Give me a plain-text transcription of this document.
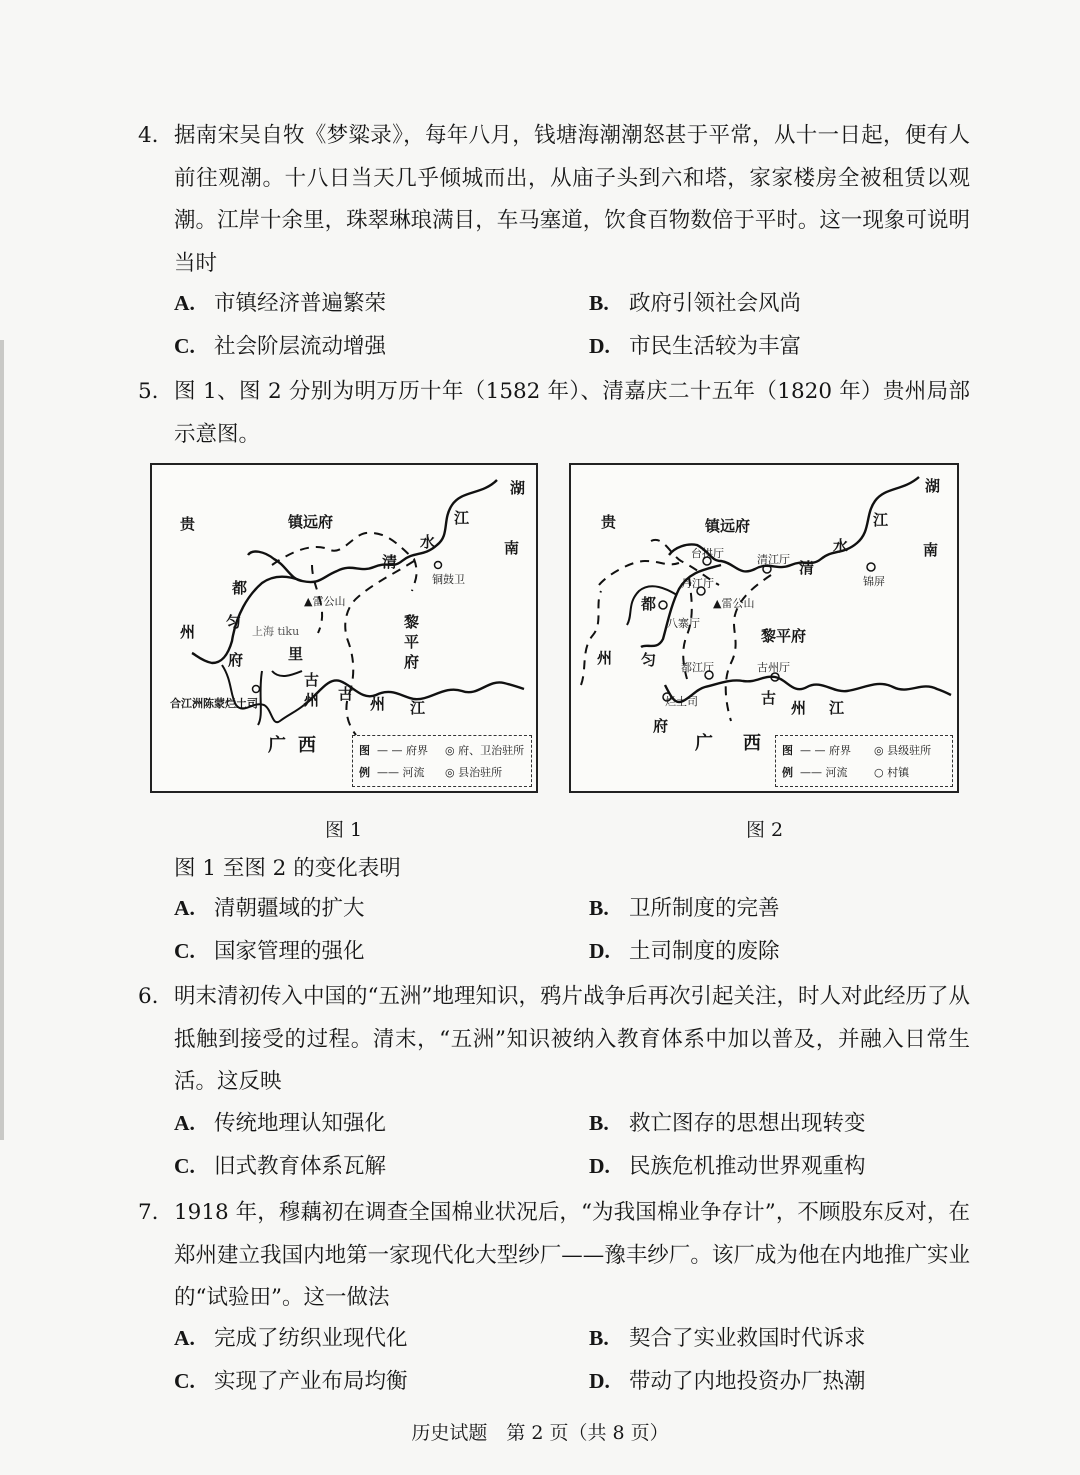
4. 据南宋吴自牧《梦粱录》，每年八月，钱塘海潮潮怒甚于平常，从十一日起，便有人前往观潮。十八日当天几乎倾城而出，从庙子头到六和塔，家家楼房全被租赁以观潮。江岸十余里，珠翠琳琅满目，车马塞道，饮食百物数倍于平时。这一现象可说明当时
A. 市镇经济普遍繁荣	B. 政府引领社会风尚
C. 社会阶层流动增强	D. 市民生活较为丰富
5. 图 1、图 2 分别为明万历十年（1582 年）、清嘉庆二十五年（1820 年）贵州局部示意图。
贵
州
都
匀
府
镇远府
湖
南
江
水
清
铜鼓卫
▲雷公山
上海 tiku
黎
平
府
里
古
州 古
州 江
合江洲陈蒙烂土司
广 西	图
例
— — 府界
—— 河流
◎ 府、卫治驻所
◎ 县治驻所
图 1
贵
州
都
匀
府
镇远府
湖
南
江
水
清
台拱厅	清江厅
锦屏
丹江厅
▲雷公山
八寨厅
黎平府
都江厅	古州厅
古
州 江
烂土司
广 西 图
例
— — 府界
—— 河流
◎ 县级驻所
○ 村镇
图 2
图 1 至图 2 的变化表明
A. 清朝疆域的扩大	B. 卫所制度的完善
C. 国家管理的强化	D. 土司制度的废除
6. 明末清初传入中国的“五洲”地理知识，鸦片战争后再次引起关注，时人对此经历了从抵触到接受的过程。清末，“五洲”知识被纳入教育体系中加以普及，并融入日常生活。这反映
A. 传统地理认知强化	B. 救亡图存的思想出现转变
C. 旧式教育体系瓦解	D. 民族危机推动世界观重构
7. 1918 年，穆藕初在调查全国棉业状况后，“为我国棉业争存计”，不顾股东反对，在郑州建立我国内地第一家现代化大型纱厂——豫丰纱厂。该厂成为他在内地推广实业的“试验田”。这一做法
A. 完成了纺织业现代化	B. 契合了实业救国时代诉求
C. 实现了产业布局均衡	D. 带动了内地投资办厂热潮
历史试题　第 2 页（共 8 页）
